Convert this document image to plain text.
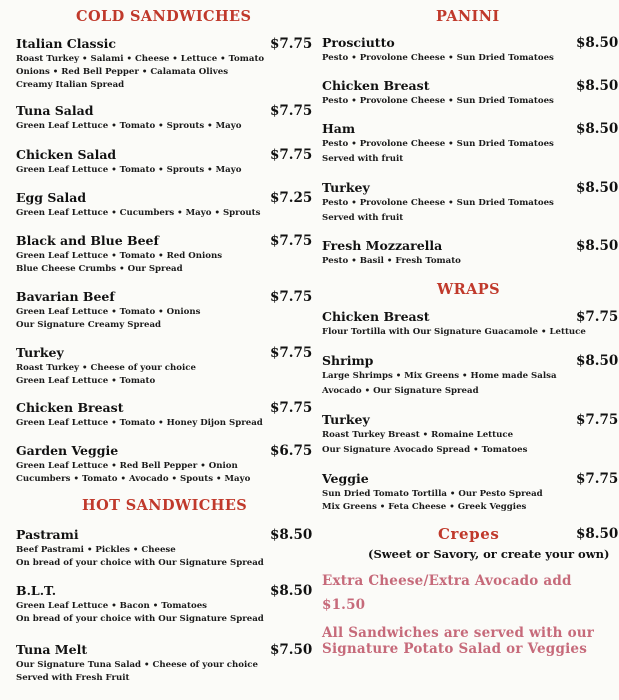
COLD SANDWICHES
Italian Classic	$7.75
Roast Turkey • Salami • Cheese • Lettuce • Tomato
Onions • Red Bell Pepper • Calamata Olives
Creamy Italian Spread
Tuna Salad	$7.75
Green Leaf Lettuce • Tomato • Sprouts • Mayo
Chicken Salad	$7.75
Green Leaf Lettuce • Tomato • Sprouts • Mayo
Egg Salad	$7.25
Green Leaf Lettuce • Cucumbers • Mayo • Sprouts
Black and Blue Beef	$7.75
Green Leaf Lettuce • Tomato • Red Onions
Blue Cheese Crumbs • Our Spread
Bavarian Beef	$7.75
Green Leaf Lettuce • Tomato • Onions
Our Signature Creamy Spread
Turkey	$7.75
Roast Turkey • Cheese of your choice
Green Leaf Lettuce • Tomato
Chicken Breast	$7.75
Green Leaf Lettuce • Tomato • Honey Dijon Spread
Garden Veggie	$6.75
Green Leaf Lettuce • Red Bell Pepper • Onion
Cucumbers • Tomato • Avocado • Spouts • Mayo
HOT SANDWICHES
Pastrami	$8.50
Beef Pastrami • Pickles • Cheese
On bread of your choice with Our Signature Spread
B.L.T.	$8.50
Green Leaf Lettuce • Bacon • Tomatoes
On bread of your choice with Our Signature Spread
Tuna Melt	$7.50
Our Signature Tuna Salad • Cheese of your choice
Served with Fresh Fruit
PANINI
Prosciutto	$8.50
Pesto • Provolone Cheese • Sun Dried Tomatoes
Chicken Breast	$8.50
Pesto • Provolone Cheese • Sun Dried Tomatoes
Ham	$8.50
Pesto • Provolone Cheese • Sun Dried Tomatoes
Served with fruit
Turkey	$8.50
Pesto • Provolone Cheese • Sun Dried Tomatoes
Served with fruit
Fresh Mozzarella	$8.50
Pesto • Basil • Fresh Tomato
WRAPS
Chicken Breast	$7.75
Flour Tortilla with Our Signature Guacamole • Lettuce
Shrimp	$8.50
Large Shrimps • Mix Greens • Home made Salsa
Avocado • Our Signature Spread
Turkey	$7.75
Roast Turkey Breast • Romaine Lettuce
Our Signature Avocado Spread • Tomatoes
Veggie	$7.75
Sun Dried Tomato Tortilla • Our Pesto Spread
Mix Greens • Feta Cheese • Greek Veggies
Crepes	$8.50
(Sweet or Savory, or create your own)
Extra Cheese/Extra Avocado add
$1.50
All Sandwiches are served with our
Signature Potato Salad or Veggies
